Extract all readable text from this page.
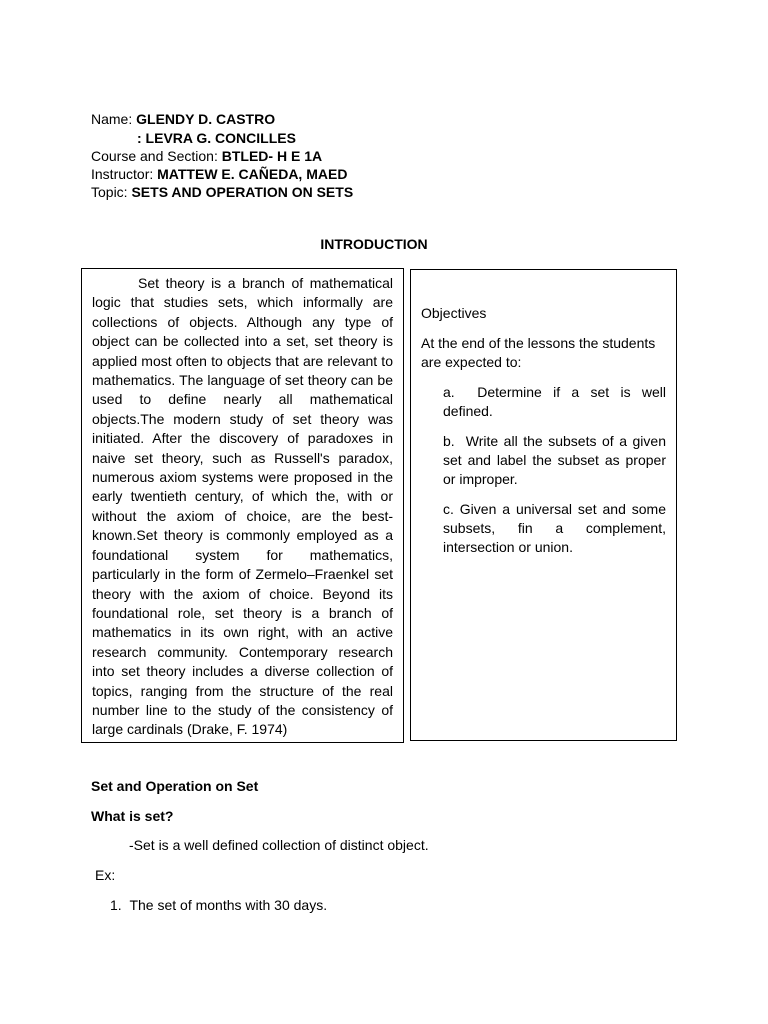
Name: GLENDY D. CASTRO
: LEVRA G. CONCILLES
Course and Section: BTLED- H E 1A
Instructor: MATTEW E. CAÑEDA, MAED
Topic: SETS AND OPERATION ON SETS
INTRODUCTION

Set theory is a branch of mathematical logic that studies sets, which informally are collections of objects. Although any type of object can be collected into a set, set theory is applied most often to objects that are relevant to mathematics. The language of set theory can be used to define nearly all mathematical objects.The modern study of set theory was initiated. After the discovery of paradoxes in naive set theory, such as Russell's paradox, numerous axiom systems were proposed in the early twentieth century, of which the, with or without the axiom of choice, are the best-known.Set theory is commonly employed as a foundational system for mathematics, particularly in the form of Zermelo–Fraenkel set theory with the axiom of choice. Beyond its foundational role, set theory is a branch of mathematics in its own right, with an active research community. Contemporary research into set theory includes a diverse collection of topics, ranging from the structure of the real number line to the study of the consistency of large cardinals (Drake, F. 1974)

Objectives

At the end of the lessons the students are expected to:

a.  Determine if a set is well defined.

b.  Write all the subsets of a given set and label the subset as proper or improper.

c. Given a universal set and some subsets, fin a complement, intersection or union.

Set and Operation on Set
What is set?
-Set is a well defined collection of distinct object.
Ex:
1.  The set of months with 30 days.
